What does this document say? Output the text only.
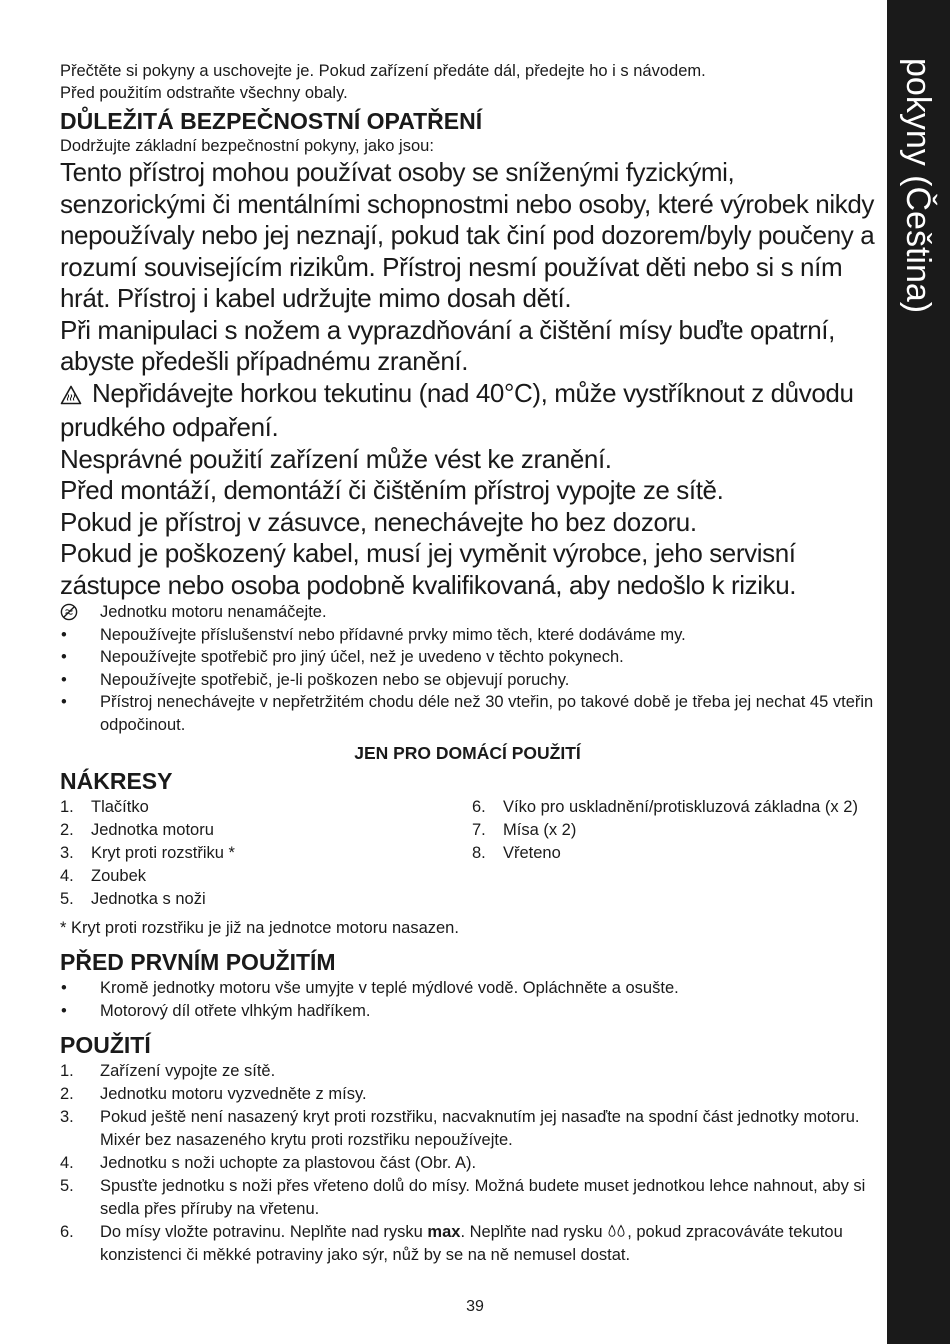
pokyny (Čeština)

Přečtěte si pokyny a uschovejte je. Pokud zařízení předáte dál, předejte ho i s návodem.

Před použitím odstraňte všechny obaly.

DŮLEŽITÁ BEZPEČNOSTNÍ OPATŘENÍ

Dodržujte základní bezpečnostní pokyny, jako jsou:

Tento přístroj mohou používat osoby se sníženými fyzickými, senzorickými či mentálními schopnostmi nebo osoby, které výrobek nikdy nepoužívaly nebo jej neznají, pokud tak činí pod dozorem/byly poučeny a rozumí souvisejícím rizikům. Přístroj nesmí používat děti nebo si s ním hrát. Přístroj i kabel udržujte mimo dosah dětí.

Při manipulaci s nožem a vyprazdňování a čištění mísy buďte opatrní, abyste předešli případnému zranění.

Nepřidávejte horkou tekutinu (nad 40°C), může vystříknout z důvodu prudkého odpaření.

Nesprávné použití zařízení může vést ke zranění.

Před montáží, demontáží či čištěním přístroj vypojte ze sítě.

Pokud je přístroj v zásuvce, nenechávejte ho bez dozoru.

Pokud je poškozený kabel, musí jej vyměnit výrobce, jeho servisní zástupce nebo osoba podobně kvalifikovaná, aby nedošlo k riziku.

Jednotku motoru nenamáčejte.
•	Nepoužívejte příslušenství nebo přídavné prvky mimo těch, které dodáváme my.
•	Nepoužívejte spotřebič pro jiný účel, než je uvedeno v těchto pokynech.
•	Nepoužívejte spotřebič, je-li poškozen nebo se objevují poruchy.
•	Přístroj nenechávejte v nepřetržitém chodu déle než 30 vteřin, po takové době je třeba jej nechat 45 vteřin odpočinout.

JEN PRO DOMÁCÍ POUŽITÍ

NÁKRESY

1. Tlačítko
2. Jednotka motoru
3. Kryt proti rozstřiku *
4. Zoubek
5. Jednotka s noži
6. Víko pro uskladnění/protiskluzová základna (x 2)
7. Mísa (x 2)
8. Vřeteno

* Kryt proti rozstřiku je již na jednotce motoru nasazen.

PŘED PRVNÍM POUŽITÍM

•	Kromě jednotky motoru vše umyjte v teplé mýdlové vodě. Opláchněte a osušte.
•	Motorový díl otřete vlhkým hadříkem.

POUŽITÍ

1. Zařízení vypojte ze sítě.
2. Jednotku motoru vyzvedněte z mísy.
3. Pokud ještě není nasazený kryt proti rozstřiku, nacvaknutím jej nasaďte na spodní část jednotky motoru. Mixér bez nasazeného krytu proti rozstřiku nepoužívejte.
4. Jednotku s noži uchopte za plastovou část (Obr. A).
5. Spusťte jednotku s noži přes vřeteno dolů do mísy. Možná budete muset jednotkou lehce nahnout, aby si sedla přes příruby na vřetenu.
6. Do mísy vložte potravinu. Neplňte nad rysku max. Neplňte nad rysku , pokud zpracováváte tekutou konzistenci či měkké potraviny jako sýr, nůž by se na ně nemusel dostat.
39
